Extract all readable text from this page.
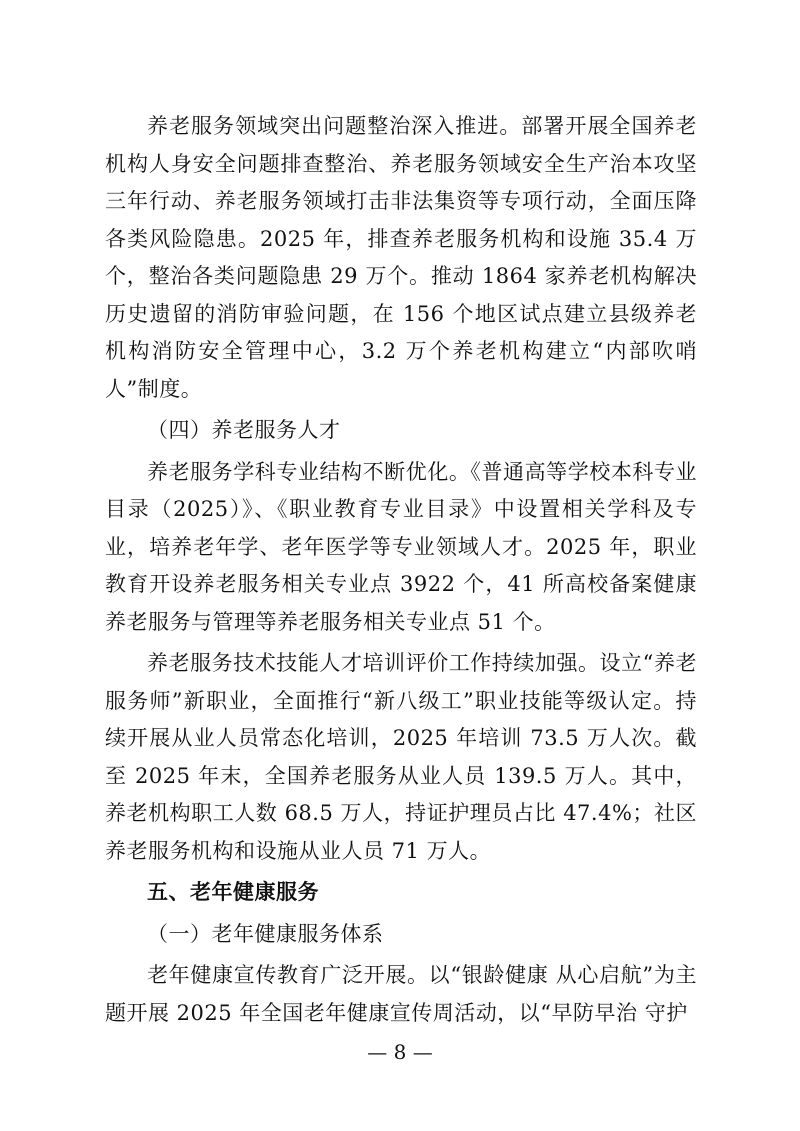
养老服务领域突出问题整治深入推进。部署开展全国养老机构人身安全问题排查整治、养老服务领域安全生产治本攻坚三年行动、养老服务领域打击非法集资等专项行动，全面压降各类风险隐患。2025 年，排查养老服务机构和设施 35.4 万个，整治各类问题隐患 29 万个。推动 1864 家养老机构解决历史遗留的消防审验问题，在 156 个地区试点建立县级养老机构消防安全管理中心，3.2 万个养老机构建立“内部吹哨人”制度。

（四）养老服务人才

养老服务学科专业结构不断优化。《普通高等学校本科专业目录（2025）》、《职业教育专业目录》中设置相关学科及专业，培养老年学、老年医学等专业领域人才。2025 年，职业教育开设养老服务相关专业点 3922 个，41 所高校备案健康养老服务与管理等养老服务相关专业点 51 个。

养老服务技术技能人才培训评价工作持续加强。设立“养老服务师”新职业，全面推行“新八级工”职业技能等级认定。持续开展从业人员常态化培训，2025 年培训 73.5 万人次。截至 2025 年末，全国养老服务从业人员 139.5 万人。其中，养老机构职工人数 68.5 万人，持证护理员占比 47.4%；社区养老服务机构和设施从业人员 71 万人。

五、老年健康服务

（一）老年健康服务体系

老年健康宣传教育广泛开展。以“银龄健康 从心启航”为主题开展 2025 年全国老年健康宣传周活动，以“早防早治 守护

— 8 —
